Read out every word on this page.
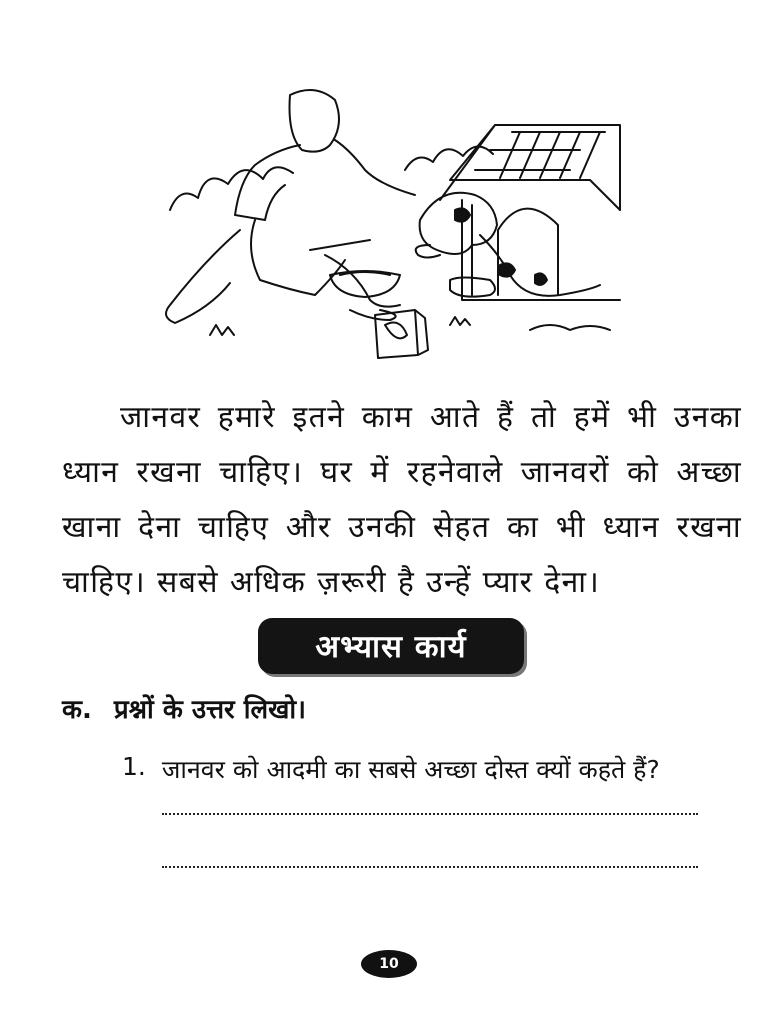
जानवर हमारे इतने काम आते हैं तो हमें भी उनका ध्यान रखना चाहिए। घर में रहनेवाले जानवरों को अच्छा खाना देना चाहिए और उनकी सेहत का भी ध्यान रखना चाहिए। सबसे अधिक ज़रूरी है उन्हें प्यार देना।

अभ्यास कार्य
क. प्रश्नों के उत्तर लिखो।
1. जानवर को आदमी का सबसे अच्छा दोस्त क्यों कहते हैं?
10
